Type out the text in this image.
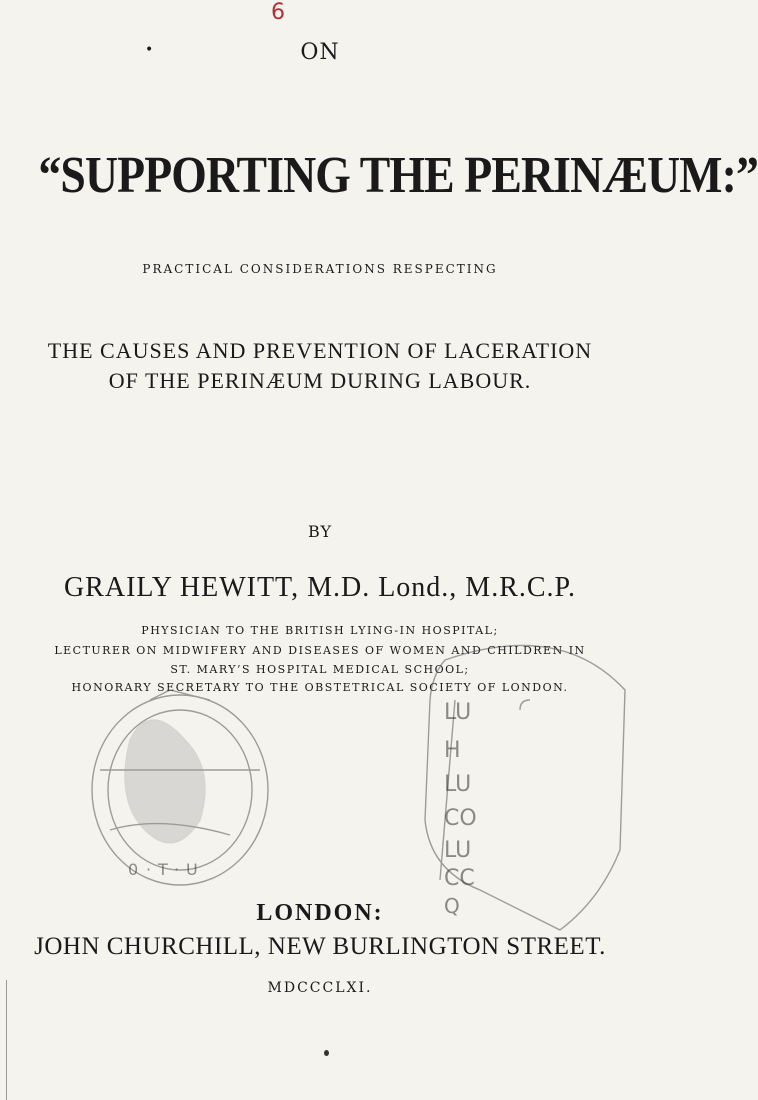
6
•	ON
“SUPPORTING THE PERINÆUM:”
PRACTICAL CONSIDERATIONS RESPECTING
THE CAUSES AND PREVENTION OF LACERATION
OF THE PERINÆUM DURING LABOUR.
BY
GRAILY HEWITT, M.D. Lond., M.R.C.P.
PHYSICIAN TO THE BRITISH LYING-IN HOSPITAL;
LECTURER ON MIDWIFERY AND DISEASES OF WOMEN AND CHILDREN IN
ST. MARY’S HOSPITAL MEDICAL SCHOOL;
HONORARY SECRETARY TO THE OBSTETRICAL SOCIETY OF LONDON.
0 · T · U
LU
H
LU
CO
LU
CC
Q
LONDON:
JOHN CHURCHILL, NEW BURLINGTON STREET.
MDCCCLXI.
